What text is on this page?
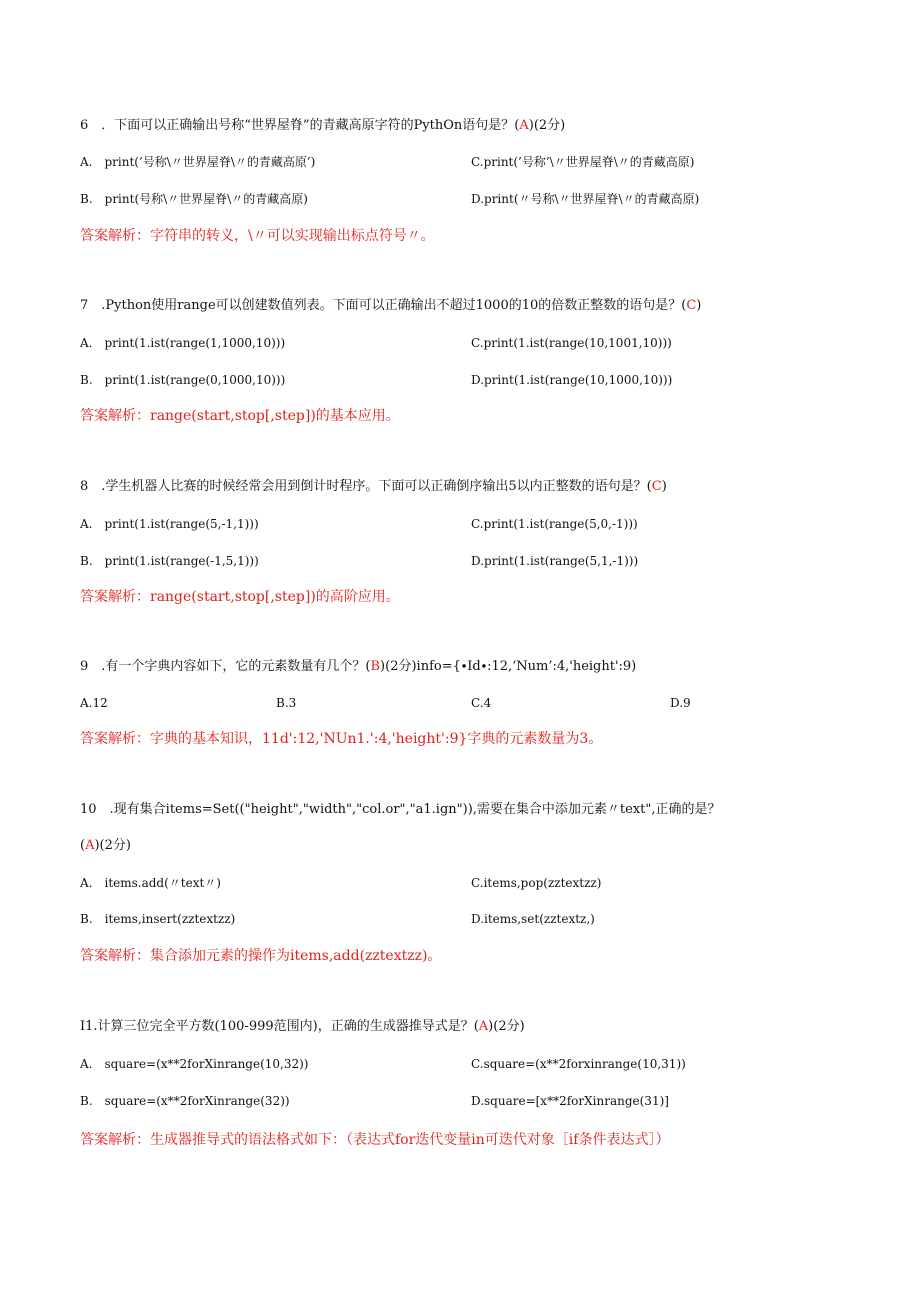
6　．下面可以正确输出号称“世界屋脊”的青藏高原字符的PythOn语句是？(A)(2分)
A.　print(’号称\〃世界屋脊\〃的青藏高原’)	C.print(’号称’\〃世界屋脊\〃的青藏高原)
B.　print(号称\〃世界屋脊\〃的青藏高原)	D.print(〃号称\〃世界屋脊\〃的青藏高原)
答案解析：字符串的转义，\〃可以实现输出标点符号〃。
7　.Python使用range可以创建数值列表。下面可以正确输出不超过1000的10的倍数正整数的语句是？(C)
A.　print(1.ist(range(1,1000,10)))	C.print(1.ist(range(10,1001,10)))
B.　print(1.ist(range(0,1000,10)))	D.print(1.ist(range(10,1000,10)))
答案解析：range(start,stop[,step])的基本应用。
8　.学生机器人比赛的时候经常会用到倒计时程序。下面可以正确倒序输出5以内正整数的语句是？(C)
A.　print(1.ist(range(5,-1,1)))	C.print(1.ist(range(5,0,-1)))
B.　print(1.ist(range(-1,5,1)))	D.print(1.ist(range(5,1,-1)))
答案解析：range(start,stop[,step])的高阶应用。
9　.有一个字典内容如下，它的元素数量有几个？(B)(2分)info={∙Id∙:12,‘Num’:4,'height':9)
A.12	B.3	C.4	D.9
答案解析：字典的基本知识，11d':12,'NUn1.':4,'height':9}字典的元素数量为3。
10　.现有集合items=Set(("height","width","col.or","a1.ign")),需要在集合中添加元素〃text",正确的是？
(A)(2分)
A.　items.add(〃text〃)	C.items,pop(zztextzz)
B.　items,insert(zztextzz)	D.items,set(zztextz,)
答案解析：集合添加元素的操作为items,add(zztextzz)。
I1.计算三位完全平方数(100-999范围内)，正确的生成器推导式是？(A)(2分)
A.　square=(x**2forXinrange(10,32))	C.square=(x**2forxinrange(10,31))
B.　square=(x**2forXinrange(32))	D.square=[x**2forXinrange(31)]
答案解析：生成器推导式的语法格式如下：（表达式for迭代变量in可迭代对象［if条件表达式］）
